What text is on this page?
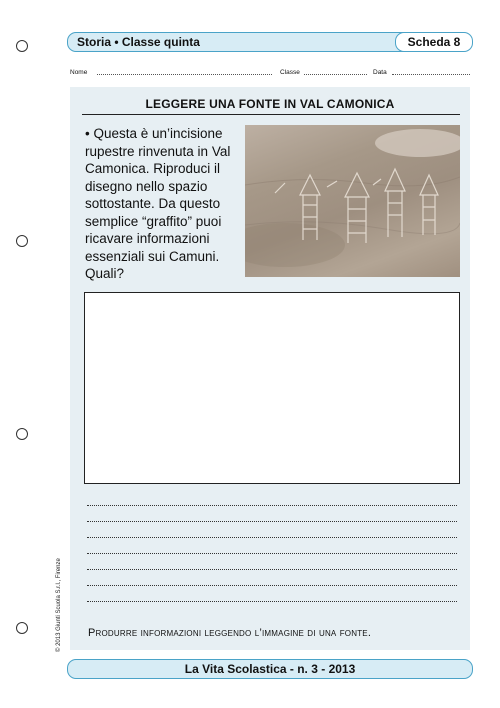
Storia • Classe quinta	Scheda 8
Nome	Classe	Data
LEGGERE UNA FONTE IN VAL CAMONICA
• Questa è un’incisione rupestre rinvenuta in Val Camonica. Riproduci il disegno nello spazio sottostante. Da questo semplice “graffito” puoi ricavare informazioni essenziali sui Camuni. Quali?
Produrre informazioni leggendo l’immagine di una fonte.
© 2013 Giunti Scuola S.r.l., Firenze
La Vita Scolastica - n. 3 - 2013
